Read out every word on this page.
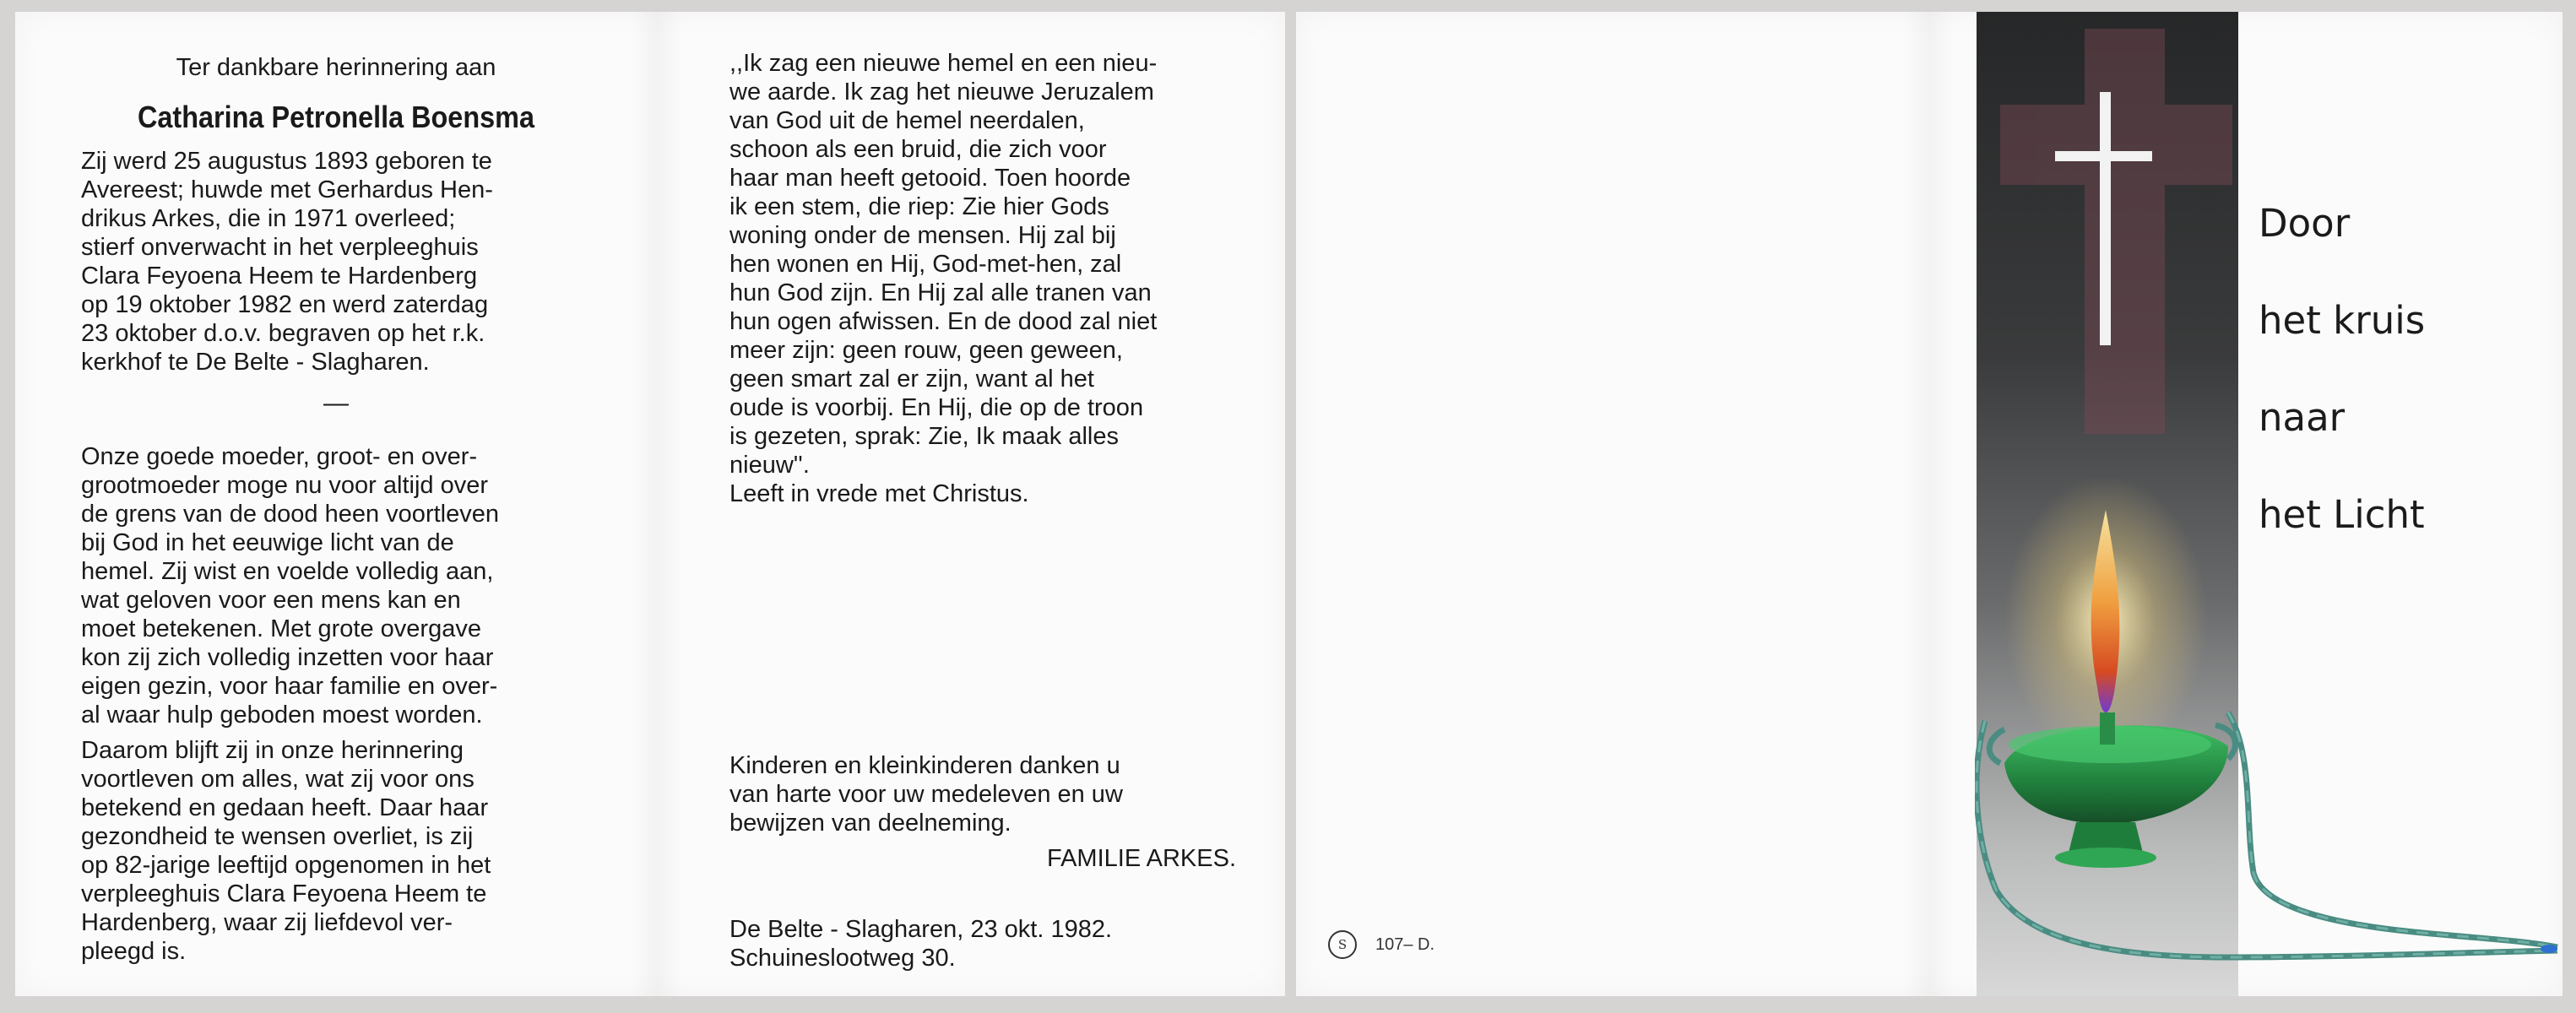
Ter dankbare herinnering aan

Catharina Petronella Boensma

Zij werd 25 augustus 1893 geboren te
Avereest; huwde met Gerhardus Hen-
drikus Arkes, die in 1971 overleed;
stierf onverwacht in het verpleeghuis
Clara Feyoena Heem te Hardenberg
op 19 oktober 1982 en werd zaterdag
23 oktober d.o.v. begraven op het r.k.
kerkhof te De Belte - Slagharen.

—

Onze goede moeder, groot- en over-
grootmoeder moge nu voor altijd over
de grens van de dood heen voortleven
bij God in het eeuwige licht van de
hemel. Zij wist en voelde volledig aan,
wat geloven voor een mens kan en
moet betekenen. Met grote overgave
kon zij zich volledig inzetten voor haar
eigen gezin, voor haar familie en over-
al waar hulp geboden moest worden.

Daarom blijft zij in onze herinnering
voortleven om alles, wat zij voor ons
betekend en gedaan heeft. Daar haar
gezondheid te wensen overliet, is zij
op 82-jarige leeftijd opgenomen in het
verpleeghuis Clara Feyoena Heem te
Hardenberg, waar zij liefdevol ver-
pleegd is.

,,Ik zag een nieuwe hemel en een nieu-
we aarde. Ik zag het nieuwe Jeruzalem
van God uit de hemel neerdalen,
schoon als een bruid, die zich voor
haar man heeft getooid. Toen hoorde
ik een stem, die riep: Zie hier Gods
woning onder de mensen. Hij zal bij
hen wonen en Hij, God-met-hen, zal
hun God zijn. En Hij zal alle tranen van
hun ogen afwissen. En de dood zal niet
meer zijn: geen rouw, geen geween,
geen smart zal er zijn, want al het
oude is voorbij. En Hij, die op de troon
is gezeten, sprak: Zie, Ik maak alles
nieuw''.

Leeft in vrede met Christus.

Kinderen en kleinkinderen danken u
van harte voor uw medeleven en uw
bewijzen van deelneming.

FAMILIE ARKES.

De Belte - Slagharen, 23 okt. 1982.
Schuineslootweg 30.	S	107– D.
Door
het kruis
naar
het Licht
